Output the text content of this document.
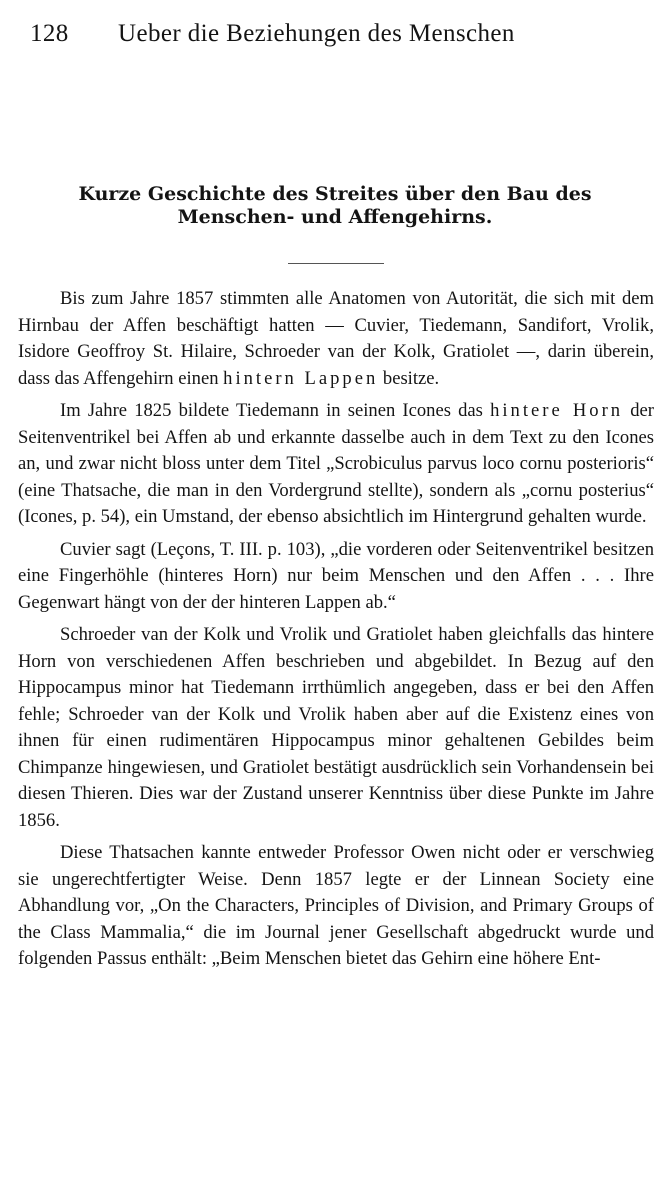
128 Ueber die Beziehungen des Menschen
Kurze Geschichte des Streites über den Bau des
Menschen- und Affengehirns.

Bis zum Jahre 1857 stimmten alle Anatomen von Autorität, die sich mit dem Hirnbau der Affen beschäftigt hatten — Cuvier, Tiedemann, Sandifort, Vrolik, Isidore Geoffroy St. Hilaire, Schroeder van der Kolk, Gratiolet —, darin überein, dass das Affengehirn einen hintern Lappen besitze.

Im Jahre 1825 bildete Tiedemann in seinen Icones das hintere Horn der Seitenventrikel bei Affen ab und erkannte dasselbe auch in dem Text zu den Icones an, und zwar nicht bloss unter dem Titel „Scrobiculus parvus loco cornu posterioris“ (eine Thatsache, die man in den Vordergrund stellte), sondern als „cornu posterius“ (Icones, p. 54), ein Umstand, der ebenso absichtlich im Hintergrund gehalten wurde.

Cuvier sagt (Leçons, T. III. p. 103), „die vorderen oder Seitenventrikel besitzen eine Fingerhöhle (hinteres Horn) nur beim Menschen und den Affen . . . Ihre Gegenwart hängt von der der hinteren Lappen ab.“

Schroeder van der Kolk und Vrolik und Gratiolet haben gleichfalls das hintere Horn von verschiedenen Affen beschrieben und abgebildet. In Bezug auf den Hippocampus minor hat Tiedemann irrthümlich angegeben, dass er bei den Affen fehle; Schroeder van der Kolk und Vrolik haben aber auf die Existenz eines von ihnen für einen rudimentären Hippocampus minor gehaltenen Gebildes beim Chimpanze hingewiesen, und Gratiolet bestätigt ausdrücklich sein Vorhandensein bei diesen Thieren. Dies war der Zustand unserer Kenntniss über diese Punkte im Jahre 1856.

Diese Thatsachen kannte entweder Professor Owen nicht oder er verschwieg sie ungerechtfertigter Weise. Denn 1857 legte er der Linnean Society eine Abhandlung vor, „On the Characters, Principles of Division, and Primary Groups of the Class Mammalia,“ die im Journal jener Gesellschaft abgedruckt wurde und folgenden Passus enthält: „Beim Menschen bietet das Gehirn eine höhere Ent-
